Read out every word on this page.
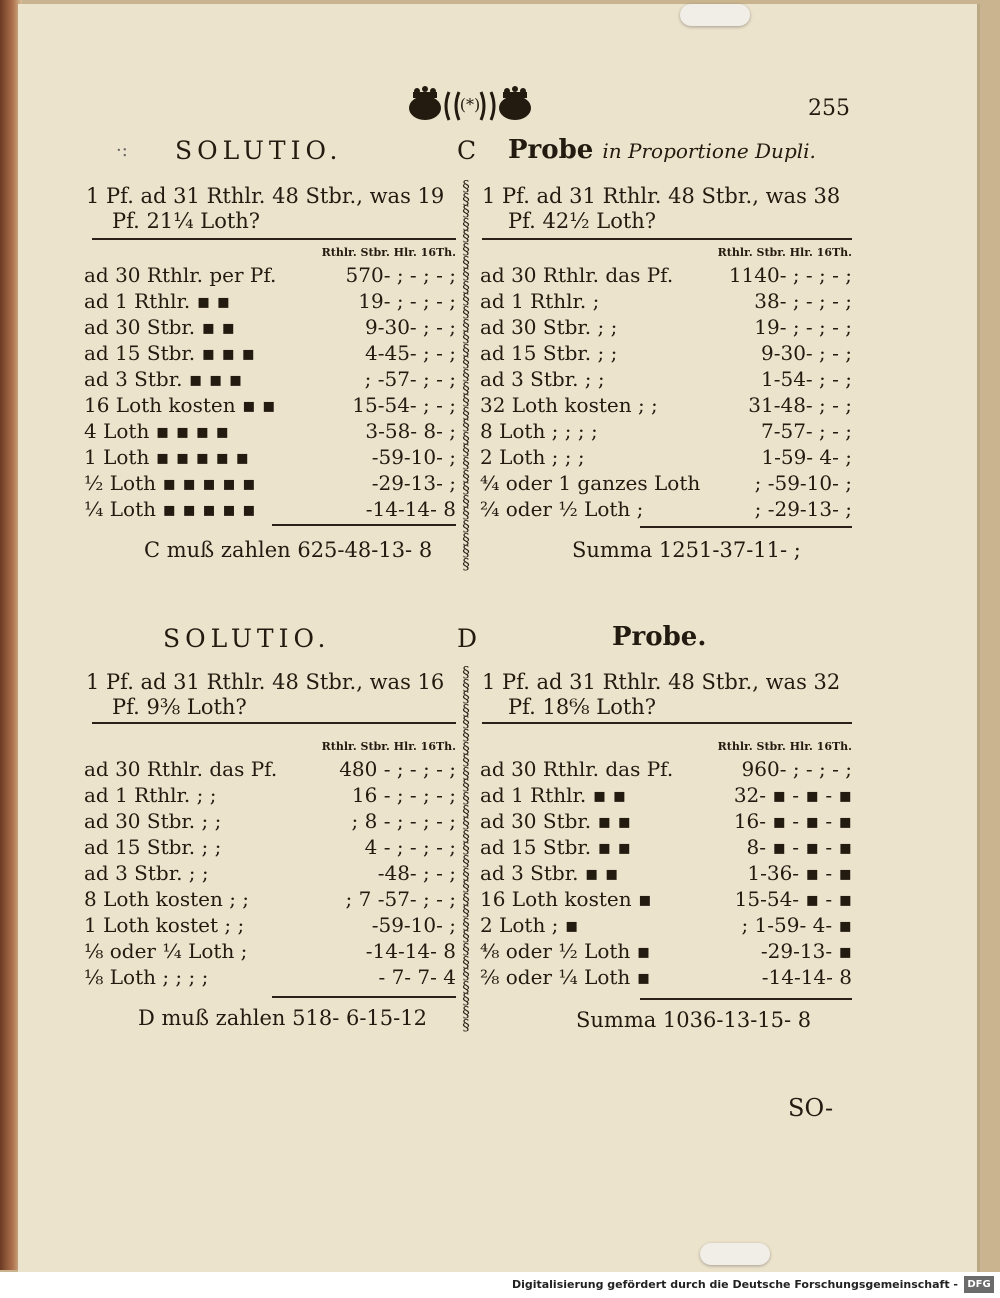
(*)	255
·: SOLUTIO.	C Probe in Proportione Dupli.
1 Pf. ad 31 Rthlr. 48 Stbr., was 19
Pf. 21¼ Loth?
1 Pf. ad 31 Rthlr. 48 Stbr., was 38
Pf. 42½ Loth?
Rthlr. Stbr. Hlr. 16Th.	Rthlr. Stbr. Hlr. 16Th.
ad 30 Rthlr. per Pf.	570- ; - ; - ;
ad 1 Rthlr. ▪ ▪	19- ; - ; - ;
ad 30 Stbr. ▪ ▪	9-30- ; - ;
ad 15 Stbr. ▪ ▪ ▪	4-45- ; - ;
ad 3 Stbr. ▪ ▪ ▪	; -57- ; - ;
16 Loth kosten ▪ ▪	15-54- ; - ;
4 Loth ▪ ▪ ▪ ▪	3-58- 8- ;
1 Loth ▪ ▪ ▪ ▪ ▪	-59-10- ;
½ Loth ▪ ▪ ▪ ▪ ▪	-29-13- ;
¼ Loth ▪ ▪ ▪ ▪ ▪	-14-14- 8
C muß zahlen 625-48-13- 8
ad 30 Rthlr. das Pf.	1140- ; - ; - ;
ad 1 Rthlr. ;	38- ; - ; - ;
ad 30 Stbr. ; ;	19- ; - ; - ;
ad 15 Stbr. ; ;	9-30- ; - ;
ad 3 Stbr. ; ;	1-54- ; - ;
32 Loth kosten ; ;	31-48- ; - ;
8 Loth ; ; ; ;	7-57- ; - ;
2 Loth ; ; ;	1-59- 4- ;
⁴⁄₄ oder 1 ganzes Loth	; -59-10- ;
²⁄₄ oder ½ Loth ;	; -29-13- ;
Summa 1251-37-11- ;
SOLUTIO.	D	Probe.
1 Pf. ad 31 Rthlr. 48 Stbr., was 16
Pf. 9⅜ Loth?
1 Pf. ad 31 Rthlr. 48 Stbr., was 32
Pf. 18⁶⁄₈ Loth?
Rthlr. Stbr. Hlr. 16Th.	Rthlr. Stbr. Hlr. 16Th.
ad 30 Rthlr. das Pf.	480 - ; - ; - ;
ad 1 Rthlr. ; ;	16 - ; - ; - ;
ad 30 Stbr. ; ;	; 8 - ; - ; - ;
ad 15 Stbr. ; ;	4 - ; - ; - ;
ad 3 Stbr. ; ;	-48- ; - ;
8 Loth kosten ; ;	; 7 -57- ; - ;
1 Loth kostet ; ;	-59-10- ;
⅛ oder ¼ Loth ;	-14-14- 8
⅛ Loth ; ; ; ;	- 7- 7- 4
D muß zahlen 518- 6-15-12
ad 30 Rthlr. das Pf.	960- ; - ; - ;
ad 1 Rthlr. ▪ ▪	32- ▪ - ▪ - ▪
ad 30 Stbr. ▪ ▪	16- ▪ - ▪ - ▪
ad 15 Stbr. ▪ ▪	8- ▪ - ▪ - ▪
ad 3 Stbr. ▪ ▪	1-36- ▪ - ▪
16 Loth kosten ▪	15-54- ▪ - ▪
2 Loth ; ▪	; 1-59- 4- ▪
⁴⁄₈ oder ½ Loth ▪	-29-13- ▪
²⁄₈ oder ¼ Loth ▪	-14-14- 8
Summa 1036-13-15- 8
§
§
§
§
§
§
§
§
§
§
§
§
§
§
§
§
§
§
§
§
§
§
§
§
§
§
§
§
§
§
§
§
§
§
§
§
§
§
§
§
§
§
§
§
§
§
§
§
§
§
§
§
§
§
§
§
§
§
§
§
SO-
Digitalisierung gefördert durch die Deutsche Forschungsgemeinschaft - DFG
